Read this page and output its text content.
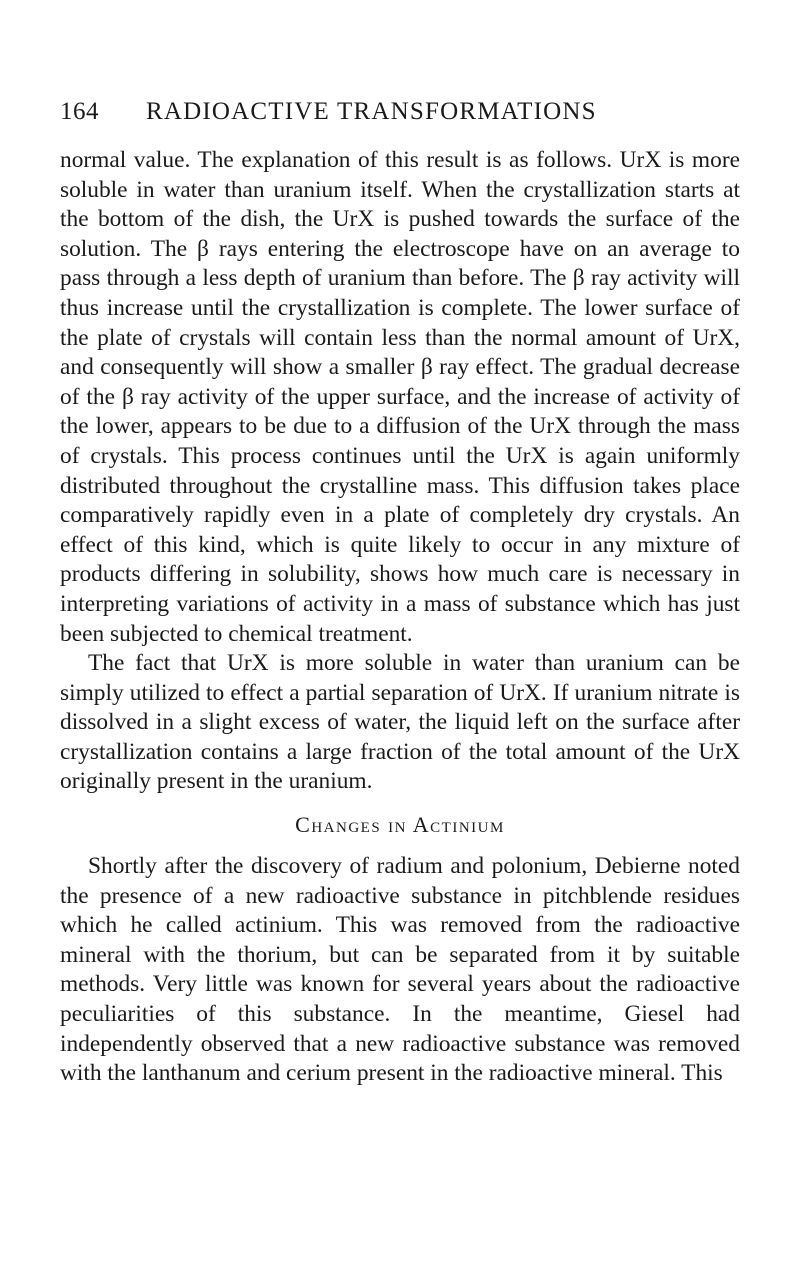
164 RADIOACTIVE TRANSFORMATIONS

normal value. The explanation of this result is as follows. UrX is more soluble in water than uranium itself. When the crystallization starts at the bottom of the dish, the UrX is pushed towards the surface of the solution. The β rays entering the electroscope have on an average to pass through a less depth of uranium than before. The β ray activity will thus increase until the crystallization is complete. The lower surface of the plate of crystals will contain less than the normal amount of UrX, and consequently will show a smaller β ray effect. The gradual decrease of the β ray activity of the upper surface, and the increase of activity of the lower, appears to be due to a diffusion of the UrX through the mass of crystals. This process continues until the UrX is again uniformly distributed throughout the crystalline mass. This diffusion takes place comparatively rapidly even in a plate of completely dry crystals. An effect of this kind, which is quite likely to occur in any mixture of products differing in solubility, shows how much care is necessary in interpreting variations of activity in a mass of substance which has just been subjected to chemical treatment.

The fact that UrX is more soluble in water than uranium can be simply utilized to effect a partial separation of UrX. If uranium nitrate is dissolved in a slight excess of water, the liquid left on the surface after crystallization contains a large fraction of the total amount of the UrX originally present in the uranium.

Changes in Actinium

Shortly after the discovery of radium and polonium, Debierne noted the presence of a new radioactive substance in pitchblende residues which he called actinium. This was removed from the radioactive mineral with the thorium, but can be separated from it by suitable methods. Very little was known for several years about the radioactive peculiarities of this substance. In the meantime, Giesel had independently observed that a new radioactive substance was removed with the lanthanum and cerium present in the radioactive mineral. This
